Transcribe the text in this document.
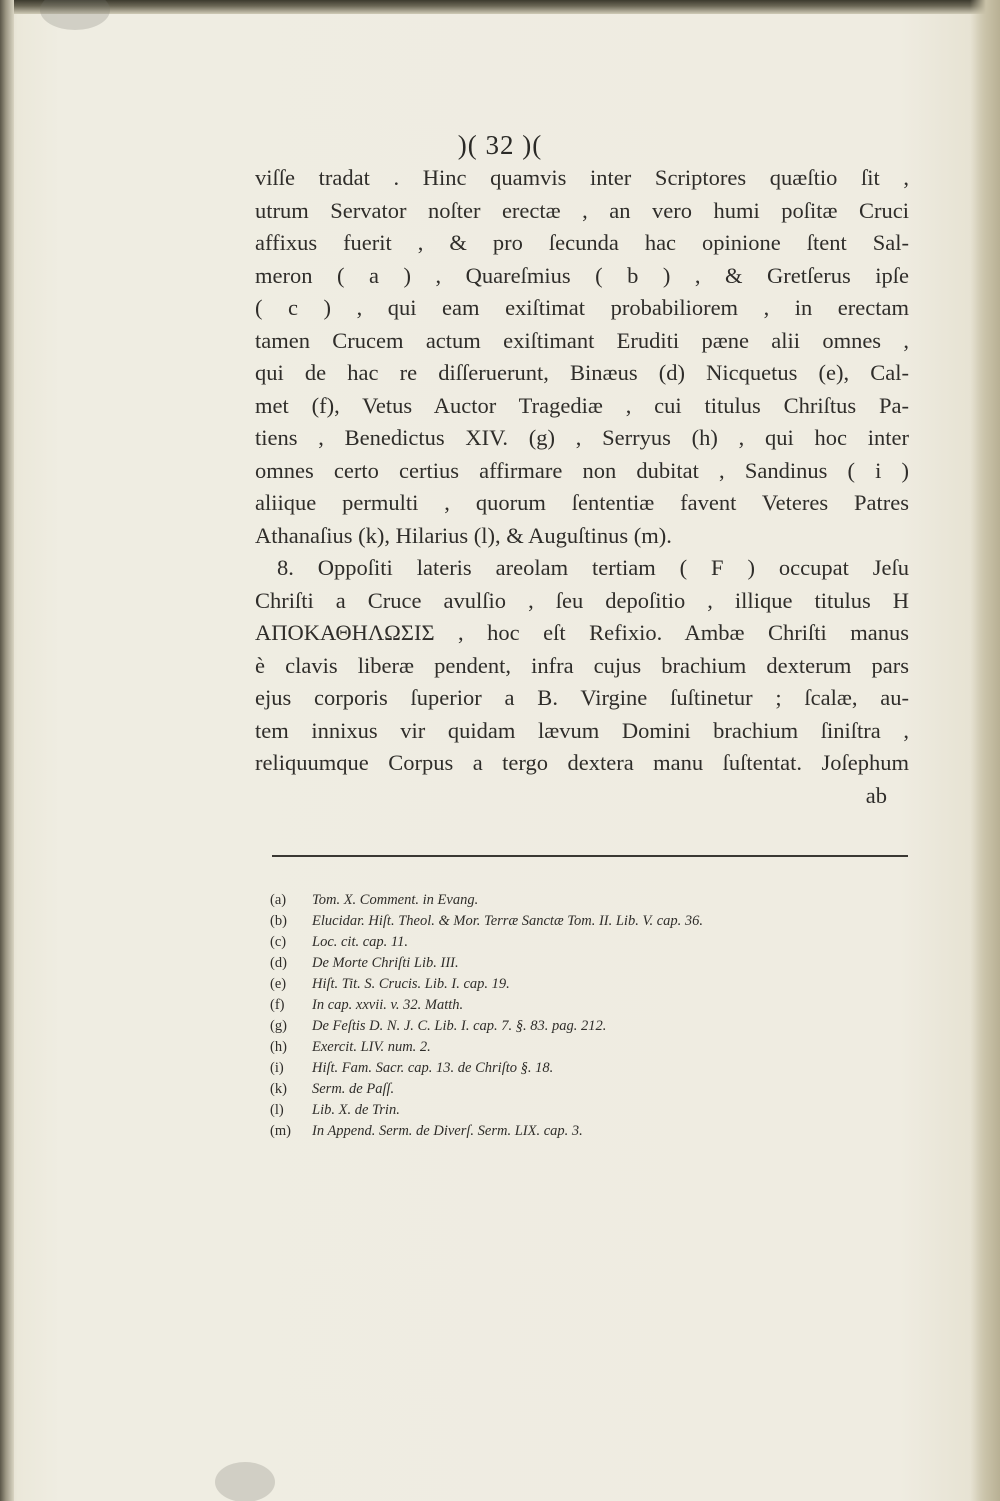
)( 32 )(
viſſe tradat . Hinc quamvis inter Scriptores quæſtio ſit ,
utrum Servator noſter erectæ , an vero humi poſitæ Cruci
affixus fuerit , & pro ſecunda hac opinione ſtent Sal-
meron ( a ) , Quareſmius ( b ) , & Gretſerus ipſe
( c ) , qui eam exiſtimat probabiliorem , in erectam
tamen Crucem actum exiſtimant Eruditi pæne alii omnes ,
qui de hac re diſſeruerunt, Binæus (d) Nicquetus (e), Cal-
met (f), Vetus Auctor Tragediæ , cui titulus Chriſtus Pa-
tiens , Benedictus XIV. (g) , Serryus (h) , qui hoc inter
omnes certo certius affirmare non dubitat , Sandinus ( i )
aliique permulti , quorum ſententiæ favent Veteres Patres
Athanaſius (k), Hilarius (l), & Auguſtinus (m).
8. Oppoſiti lateris areolam tertiam ( F ) occupat Jeſu
Chriſti a Cruce avulſio , ſeu depoſitio , illique titulus Η
ΑΠΟΚΑΘΗΛΩΣΙΣ , hoc eſt Refixio. Ambæ Chriſti manus
è clavis liberæ pendent, infra cujus brachium dexterum pars
ejus corporis ſuperior a B. Virgine ſuſtinetur ; ſcalæ, au-
tem innixus vir quidam lævum Domini brachium ſiniſtra ,
reliquumque Corpus a tergo dextera manu ſuſtentat. Joſephum
ab
(a) Tom. X. Comment. in Evang.
(b) Elucidar. Hiſt. Theol. & Mor. Terræ Sanctæ Tom. II. Lib. V. cap. 36.
(c) Loc. cit. cap. 11.
(d) De Morte Chriſti Lib. III.
(e) Hiſt. Tit. S. Crucis. Lib. I. cap. 19.
(f) In cap. xxvii. v. 32. Matth.
(g) De Feſtis D. N. J. C. Lib. I. cap. 7. §. 83. pag. 212.
(h) Exercit. LIV. num. 2.
(i) Hiſt. Fam. Sacr. cap. 13. de Chriſto §. 18.
(k) Serm. de Paſſ.
(l) Lib. X. de Trin.
(m) In Append. Serm. de Diverſ. Serm. LIX. cap. 3.
